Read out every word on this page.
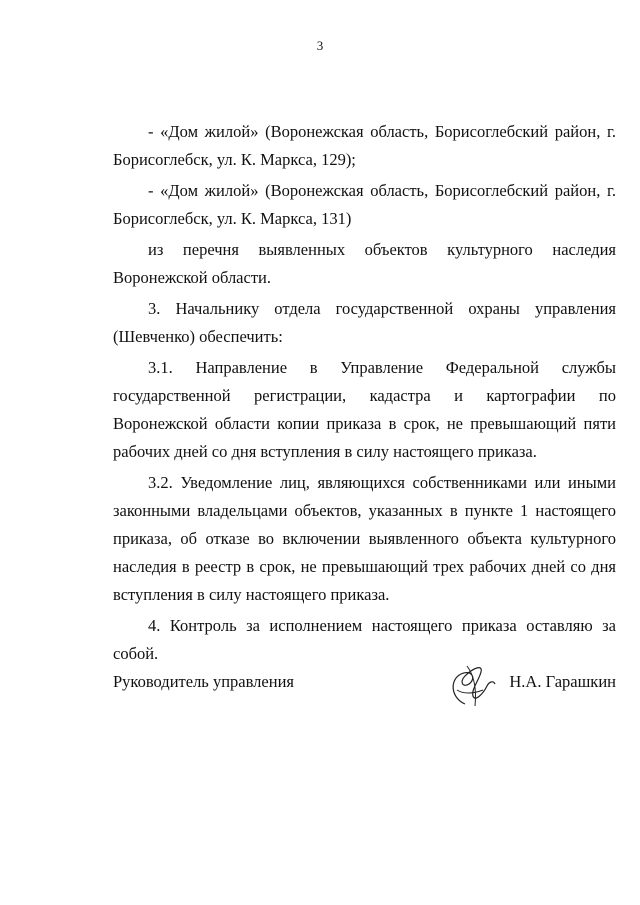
3

- «Дом жилой» (Воронежская область, Борисоглебский район, г. Борисоглебск, ул. К. Маркса, 129);

- «Дом жилой» (Воронежская область, Борисоглебский район, г. Борисоглебск, ул. К. Маркса, 131)

из перечня выявленных объектов культурного наследия Воронежской области.

3. Начальнику отдела государственной охраны управления (Шевченко) обеспечить:

3.1. Направление в Управление Федеральной службы государственной регистрации, кадастра и картографии по Воронежской области копии приказа в срок, не превышающий пяти рабочих дней со дня вступления в силу настоящего приказа.

3.2. Уведомление лиц, являющихся собственниками или иными законными владельцами объектов, указанных в пункте 1 настоящего приказа, об отказе во включении выявленного объекта культурного наследия в реестр в срок, не превышающий трех рабочих дней со дня вступления в силу настоящего приказа.

4. Контроль за исполнением настоящего приказа оставляю за собой.

Руководитель управления	Н.А. Гарашкин
